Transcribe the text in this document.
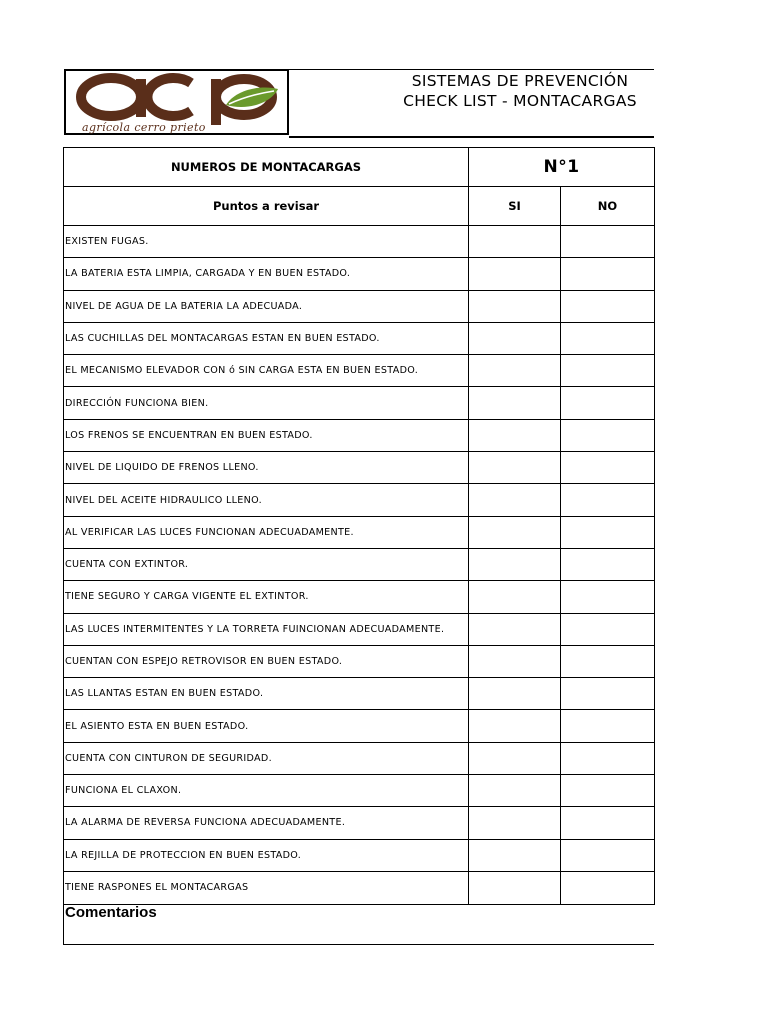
agrícola cerro prieto
SISTEMAS DE PREVENCIÓN
CHECK LIST - MONTACARGAS
NUMEROS DE MONTACARGAS	N°1	
Puntos a revisar	SI	NO
EXISTEN FUGAS.		
LA BATERIA ESTA LIMPIA, CARGADA Y EN BUEN ESTADO.		
NIVEL DE AGUA DE LA BATERIA LA ADECUADA.		
LAS CUCHILLAS DEL MONTACARGAS ESTAN EN BUEN ESTADO.		
EL MECANISMO ELEVADOR CON ó SIN CARGA ESTA EN BUEN ESTADO.		
DIRECCIÓN FUNCIONA BIEN.		
LOS FRENOS SE ENCUENTRAN EN BUEN ESTADO.		
NIVEL DE LIQUIDO DE FRENOS LLENO.		
NIVEL DEL ACEITE HIDRAULICO LLENO.		
AL VERIFICAR LAS LUCES FUNCIONAN ADECUADAMENTE.		
CUENTA CON EXTINTOR.		
TIENE SEGURO Y CARGA VIGENTE EL EXTINTOR.		
LAS LUCES INTERMITENTES Y LA TORRETA FUINCIONAN ADECUADAMENTE.		
CUENTAN CON ESPEJO RETROVISOR EN BUEN ESTADO.		
LAS LLANTAS ESTAN EN BUEN ESTADO.		
EL ASIENTO ESTA EN BUEN ESTADO.		
CUENTA CON CINTURON DE SEGURIDAD.		
FUNCIONA EL CLAXON.		
LA ALARMA DE REVERSA FUNCIONA ADECUADAMENTE.		
LA REJILLA DE PROTECCION EN BUEN ESTADO.		
TIENE RASPONES EL MONTACARGAS		
Comentarios
